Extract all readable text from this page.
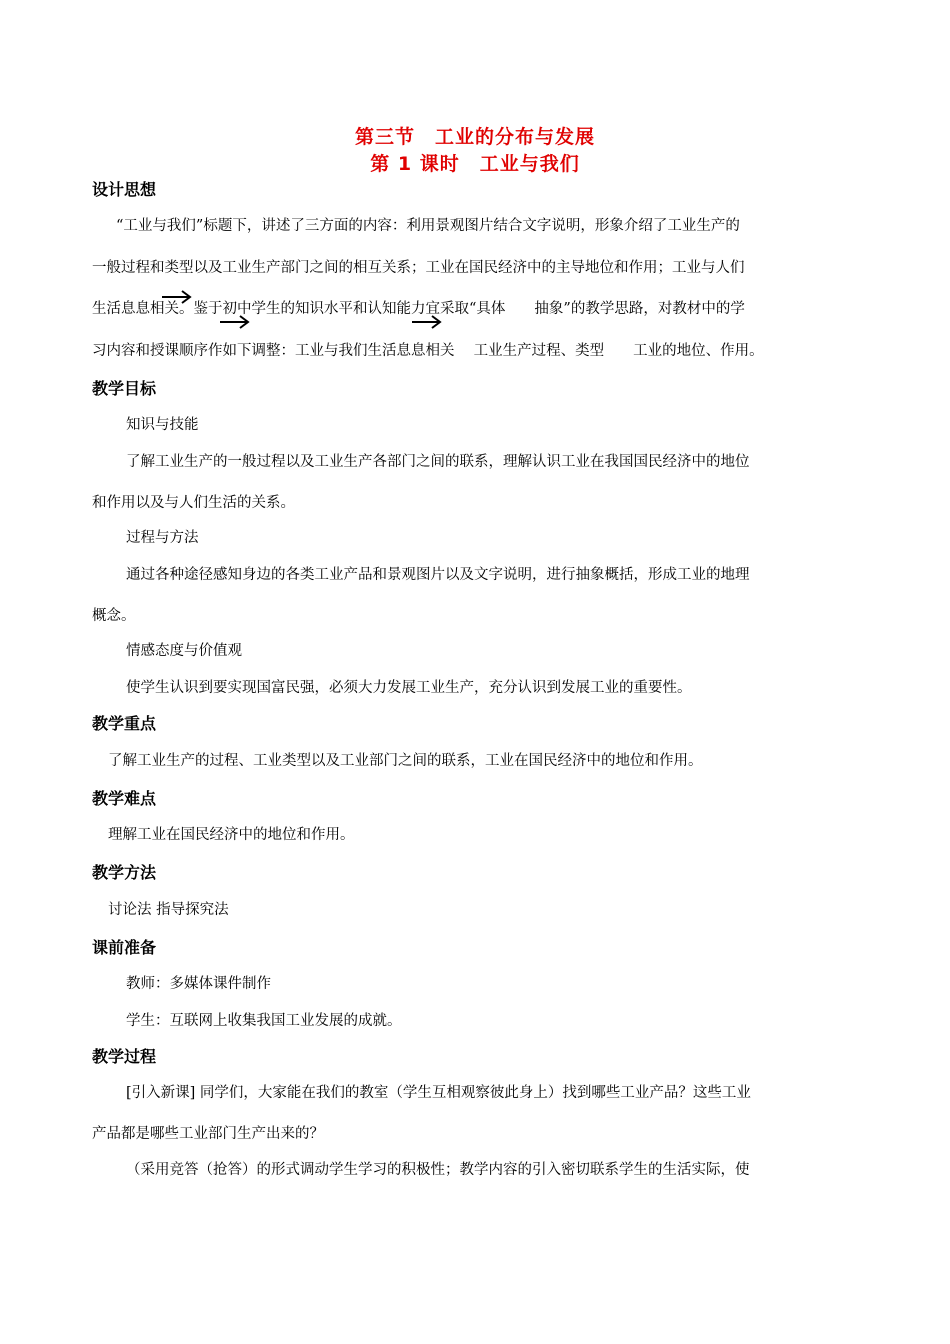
第三节　工业的分布与发展
第 1 课时　工业与我们
设计思想
“工业与我们”标题下，讲述了三方面的内容：利用景观图片结合文字说明，形象介绍了工业生产的
一般过程和类型以及工业生产部门之间的相互关系；工业在国民经济中的主导地位和作用；工业与人们
生活息息相关。鉴于初中学生的知识水平和认知能力宜采取“具体　　抽象”的教学思路，对教材中的学
习内容和授课顺序作如下调整：工业与我们生活息息相关　 工业生产过程、类型　　工业的地位、作用。
教学目标
知识与技能
了解工业生产的一般过程以及工业生产各部门之间的联系，理解认识工业在我国国民经济中的地位
和作用以及与人们生活的关系。
过程与方法
通过各种途径感知身边的各类工业产品和景观图片以及文字说明，进行抽象概括，形成工业的地理
概念。
情感态度与价值观
使学生认识到要实现国富民强，必须大力发展工业生产，充分认识到发展工业的重要性。
教学重点
了解工业生产的过程、工业类型以及工业部门之间的联系，工业在国民经济中的地位和作用。
教学难点
理解工业在国民经济中的地位和作用。
教学方法
讨论法 指导探究法
课前准备
教师：多媒体课件制作
学生：互联网上收集我国工业发展的成就。
教学过程
[引入新课] 同学们，大家能在我们的教室（学生互相观察彼此身上）找到哪些工业产品？这些工业
产品都是哪些工业部门生产出来的？
（采用竞答（抢答）的形式调动学生学习的积极性；教学内容的引入密切联系学生的生活实际，使
